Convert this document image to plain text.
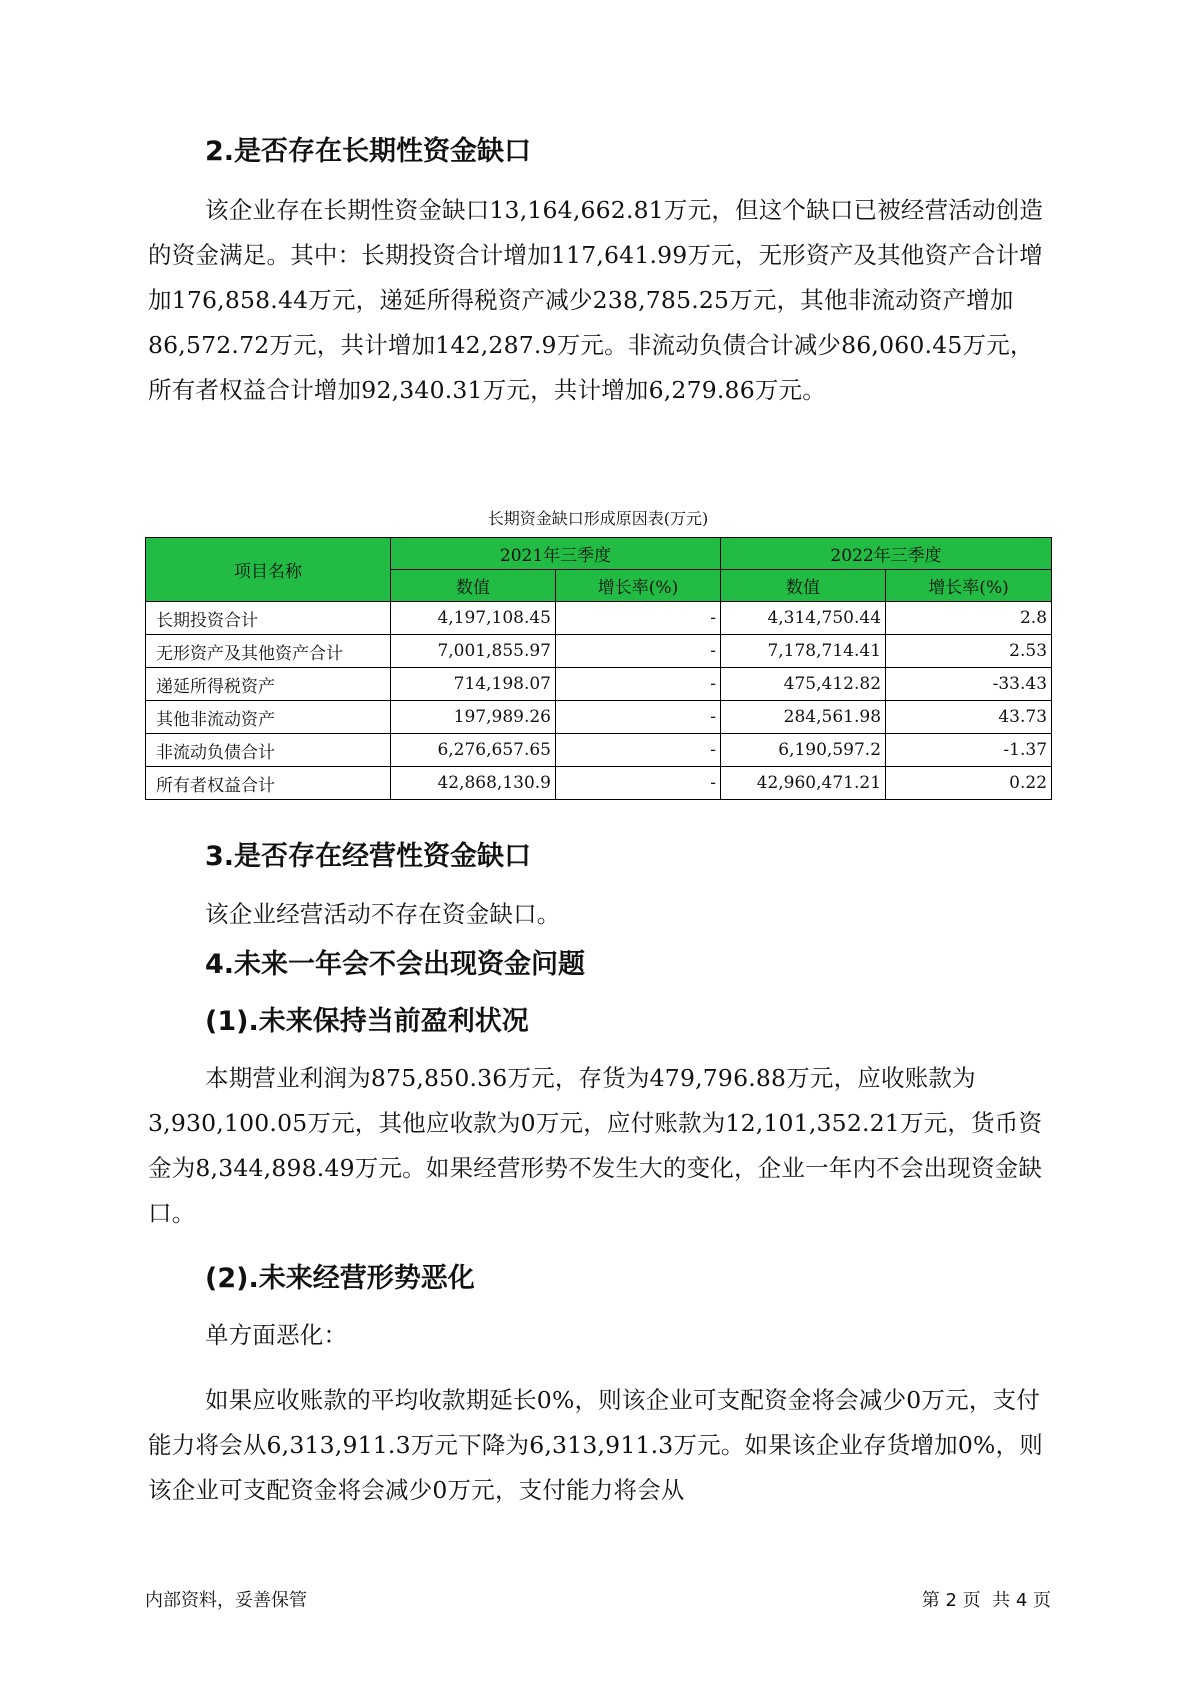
2.是否存在长期性资金缺口

该企业存在长期性资金缺口13,164,662.81万元，但这个缺口已被经营活动创造的资金满足。其中：长期投资合计增加117,641.99万元，无形资产及其他资产合计增加176,858.44万元，递延所得税资产减少238,785.25万元，其他非流动资产增加86,572.72万元，共计增加142,287.9万元。非流动负债合计减少86,060.45万元，所有者权益合计增加92,340.31万元，共计增加6,279.86万元。

长期资金缺口形成原因表(万元)
项目名称	2021年三季度		2022年三季度	
	数值	增长率(%)	数值	增长率(%)
长期投资合计	4,197,108.45	-	4,314,750.44	2.8
无形资产及其他资产合计	7,001,855.97	-	7,178,714.41	2.53
递延所得税资产	714,198.07	-	475,412.82	-33.43
其他非流动资产	197,989.26	-	284,561.98	43.73
非流动负债合计	6,276,657.65	-	6,190,597.2	-1.37
所有者权益合计	42,868,130.9	-	42,960,471.21	0.22
3.是否存在经营性资金缺口

该企业经营活动不存在资金缺口。

4.未来一年会不会出现资金问题
(1).未来保持当前盈利状况

本期营业利润为875,850.36万元，存货为479,796.88万元，应收账款为3,930,100.05万元，其他应收款为0万元，应付账款为12,101,352.21万元，货币资金为8,344,898.49万元。如果经营形势不发生大的变化，企业一年内不会出现资金缺口。

(2).未来经营形势恶化

单方面恶化：

如果应收账款的平均收款期延长0%，则该企业可支配资金将会减少0万元，支付能力将会从6,313,911.3万元下降为6,313,911.3万元。如果该企业存货增加0%，则该企业可支配资金将会减少0万元，支付能力将会从

内部资料，妥善保管	第 2 页  共 4 页
